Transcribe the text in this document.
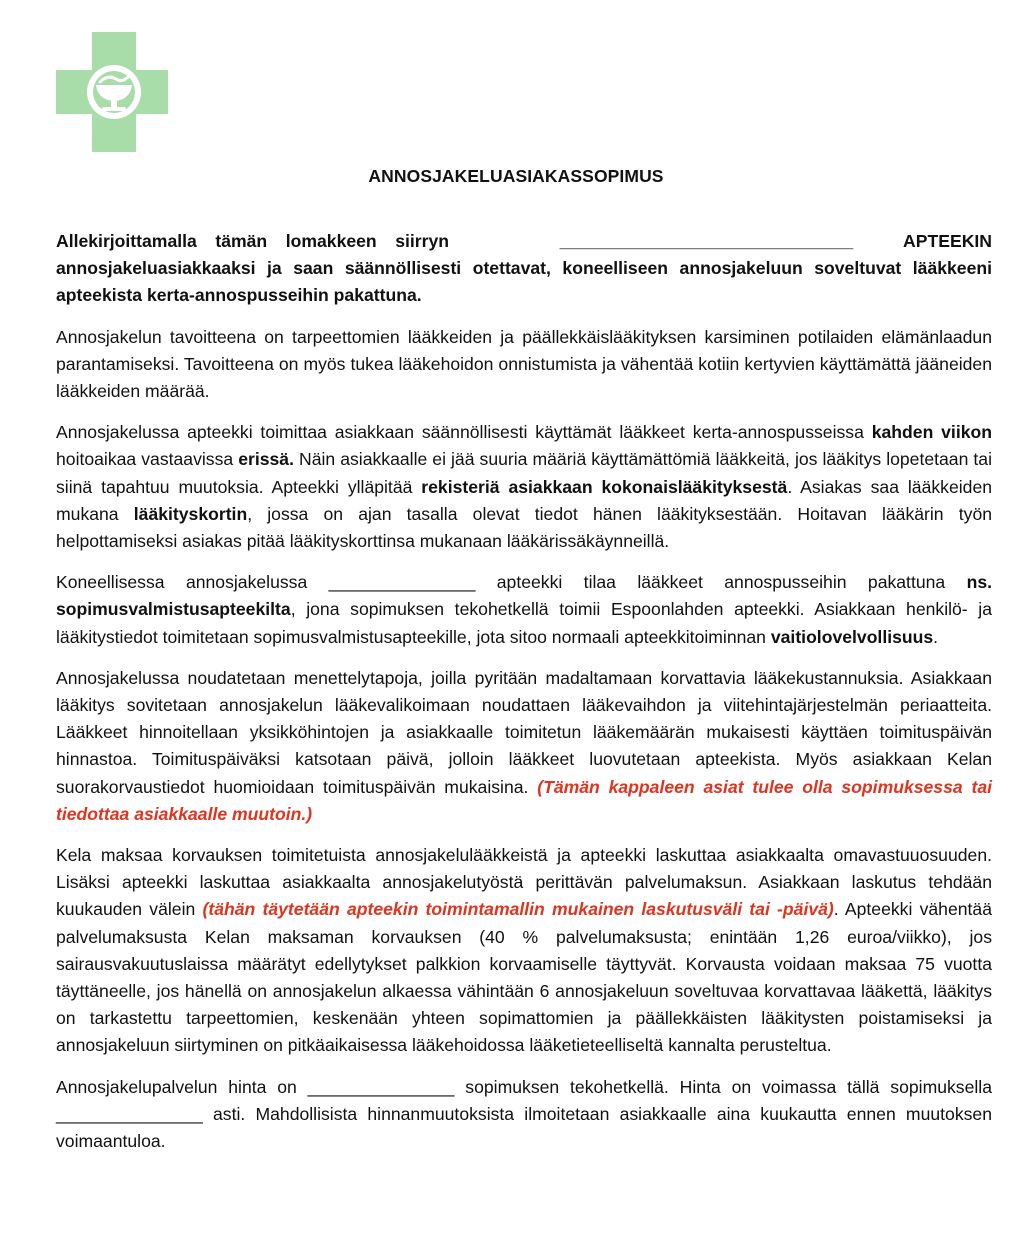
ANNOSJAKELUASIAKASSOPIMUS

Allekirjoittamalla tämän lomakkeen siirryn	______________________________	APTEEKIN annosjakeluasiakkaaksi ja saan säännöllisesti otettavat, koneelliseen annosjakeluun soveltuvat lääkkeeni apteekista kerta-annospusseihin pakattuna.

Annosjakelun tavoitteena on tarpeettomien lääkkeiden ja päällekkäislääkityksen karsiminen potilaiden elämänlaadun parantamiseksi. Tavoitteena on myös tukea lääkehoidon onnistumista ja vähentää kotiin kertyvien käyttämättä jääneiden lääkkeiden määrää.

Annosjakelussa apteekki toimittaa asiakkaan säännöllisesti käyttämät lääkkeet kerta-annospusseissa kahden viikon hoitoaikaa vastaavissa erissä. Näin asiakkaalle ei jää suuria määriä käyttämättömiä lääkkeitä, jos lääkitys lopetetaan tai siinä tapahtuu muutoksia. Apteekki ylläpitää rekisteriä asiakkaan kokonaislääkityksestä. Asiakas saa lääkkeiden mukana lääkityskortin, jossa on ajan tasalla olevat tiedot hänen lääkityksestään. Hoitavan lääkärin työn helpottamiseksi asiakas pitää lääkityskorttinsa mukanaan lääkärissäkäynneillä.

Koneellisessa annosjakelussa _______________ apteekki tilaa lääkkeet annospusseihin pakattuna ns. sopimusvalmistusapteekilta, jona sopimuksen tekohetkellä toimii Espoonlahden apteekki. Asiakkaan henkilö- ja lääkitystiedot toimitetaan sopimusvalmistusapteekille, jota sitoo normaali apteekkitoiminnan vaitiolovelvollisuus.

Annosjakelussa noudatetaan menettelytapoja, joilla pyritään madaltamaan korvattavia lääkekustannuksia. Asiakkaan lääkitys sovitetaan annosjakelun lääkevalikoimaan noudattaen lääkevaihdon ja viitehintajärjestelmän periaatteita. Lääkkeet hinnoitellaan yksikköhintojen ja asiakkaalle toimitetun lääkemäärän mukaisesti käyttäen toimituspäivän hinnastoa. Toimituspäiväksi katsotaan päivä, jolloin lääkkeet luovutetaan apteekista. Myös asiakkaan Kelan suorakorvaustiedot huomioidaan toimituspäivän mukaisina. (Tämän kappaleen asiat tulee olla sopimuksessa tai tiedottaa asiakkaalle muutoin.)

Kela maksaa korvauksen toimitetuista annosjakelulääkkeistä ja apteekki laskuttaa asiakkaalta omavastuuosuuden. Lisäksi apteekki laskuttaa asiakkaalta annosjakelutyöstä perittävän palvelumaksun. Asiakkaan laskutus tehdään kuukauden välein (tähän täytetään apteekin toimintamallin mukainen laskutusväli tai -päivä). Apteekki vähentää palvelumaksusta Kelan maksaman korvauksen (40 % palvelumaksusta; enintään 1,26 euroa/viikko), jos sairausvakuutuslaissa määrätyt edellytykset palkkion korvaamiselle täyttyvät. Korvausta voidaan maksaa 75 vuotta täyttäneelle, jos hänellä on annosjakelun alkaessa vähintään 6 annosjakeluun soveltuvaa korvattavaa lääkettä, lääkitys on tarkastettu tarpeettomien, keskenään yhteen sopimattomien ja päällekkäisten lääkitysten poistamiseksi ja annosjakeluun siirtyminen on pitkäaikaisessa lääkehoidossa lääketieteelliseltä kannalta perusteltua.

Annosjakelupalvelun hinta on _______________ sopimuksen tekohetkellä. Hinta on voimassa tällä sopimuksella _______________ asti. Mahdollisista hinnanmuutoksista ilmoitetaan asiakkaalle aina kuukautta ennen muutoksen voimaantuloa.
